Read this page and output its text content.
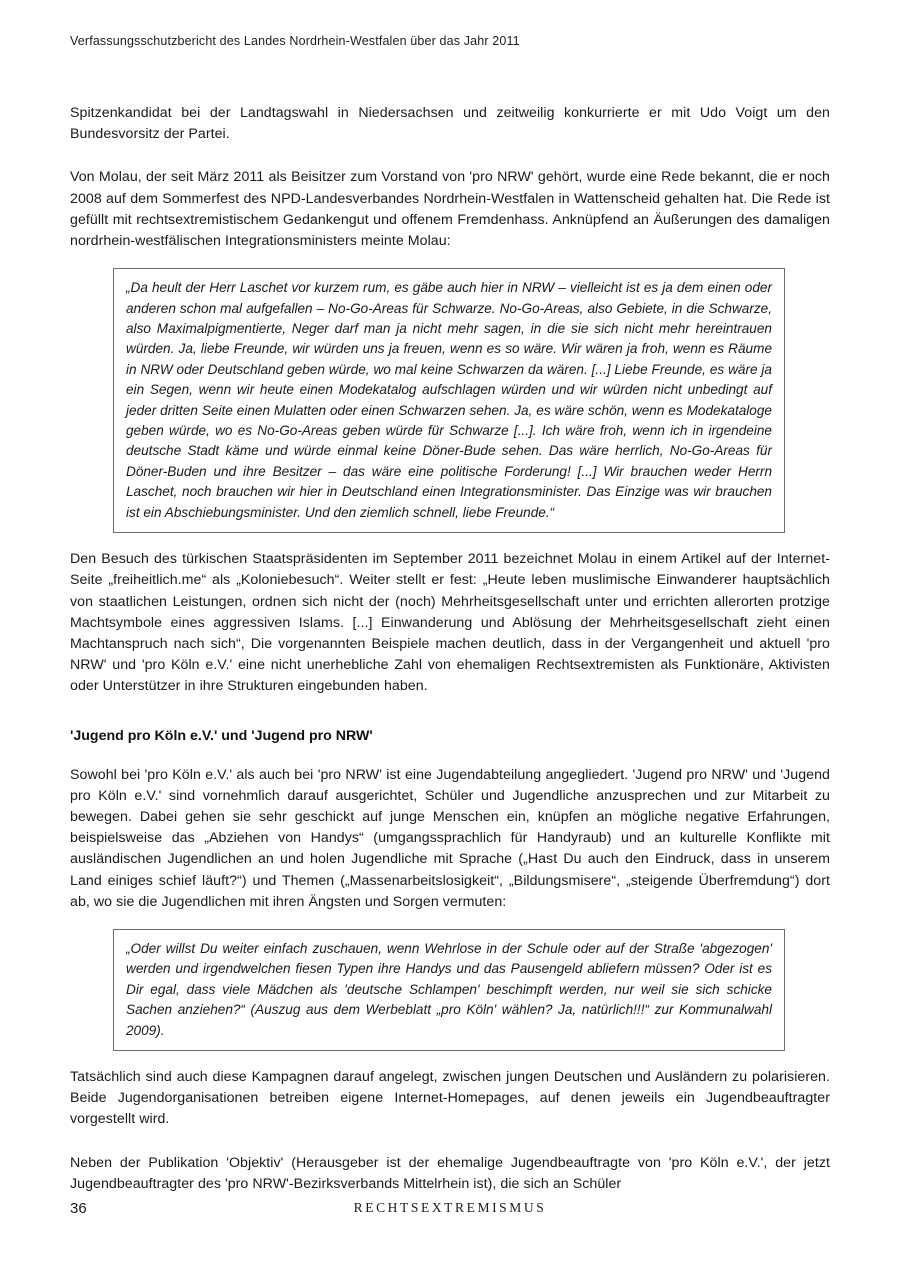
Verfassungsschutzbericht des Landes Nordrhein-Westfalen über das Jahr 2011

Spitzenkandidat bei der Landtagswahl in Niedersachsen und zeitweilig konkurrierte er mit Udo Voigt um den Bundesvorsitz der Partei.

Von Molau, der seit März 2011 als Beisitzer zum Vorstand von 'pro NRW' gehört, wurde eine Rede bekannt, die er noch 2008 auf dem Sommerfest des NPD-Landesverbandes Nordrhein-Westfalen in Wattenscheid gehalten hat. Die Rede ist gefüllt mit rechtsextremistischem Gedankengut und offenem Fremdenhass. Anknüpfend an Äußerungen des damaligen nordrhein-westfälischen Integrationsministers meinte Molau:

„Da heult der Herr Laschet vor kurzem rum, es gäbe auch hier in NRW – vielleicht ist es ja dem einen oder anderen schon mal aufgefallen – No-Go-Areas für Schwarze. No-Go-Areas, also Gebiete, in die Schwarze, also Maximalpigmentierte, Neger darf man ja nicht mehr sagen, in die sie sich nicht mehr hereintrauen würden. Ja, liebe Freunde, wir würden uns ja freuen, wenn es so wäre. Wir wären ja froh, wenn es Räume in NRW oder Deutschland geben würde, wo mal keine Schwarzen da wären. [...] Liebe Freunde, es wäre ja ein Segen, wenn wir heute einen Modekatalog aufschlagen würden und wir würden nicht unbedingt auf jeder dritten Seite einen Mulatten oder einen Schwarzen sehen. Ja, es wäre schön, wenn es Modekataloge geben würde, wo es No-Go-Areas geben würde für Schwarze [...]. Ich wäre froh, wenn ich in irgendeine deutsche Stadt käme und würde einmal keine Döner-Bude sehen. Das wäre herrlich, No-Go-Areas für Döner-Buden und ihre Besitzer – das wäre eine politische Forderung! [...] Wir brauchen weder Herrn Laschet, noch brauchen wir hier in Deutschland einen Integrationsminister. Das Einzige was wir brauchen ist ein Abschiebungsminister. Und den ziemlich schnell, liebe Freunde.“

Den Besuch des türkischen Staatspräsidenten im September 2011 bezeichnet Molau in einem Artikel auf der Internet-Seite „freiheitlich.me“ als „Koloniebesuch“. Weiter stellt er fest: „Heute leben muslimische Einwanderer hauptsächlich von staatlichen Leistungen, ordnen sich nicht der (noch) Mehrheitsgesellschaft unter und errichten allerorten protzige Machtsymbole eines aggressiven Islams. [...] Einwanderung und Ablösung der Mehrheitsgesellschaft zieht einen Machtanspruch nach sich“, Die vorgenannten Beispiele machen deutlich, dass in der Vergangenheit und aktuell 'pro NRW' und 'pro Köln e.V.' eine nicht unerhebliche Zahl von ehemaligen Rechtsextremisten als Funktionäre, Aktivisten oder Unterstützer in ihre Strukturen eingebunden haben.

'Jugend pro Köln e.V.' und 'Jugend pro NRW'

Sowohl bei 'pro Köln e.V.' als auch bei 'pro NRW' ist eine Jugendabteilung angegliedert. 'Jugend pro NRW' und 'Jugend pro Köln e.V.' sind vornehmlich darauf ausgerichtet, Schüler und Jugendliche anzusprechen und zur Mitarbeit zu bewegen. Dabei gehen sie sehr geschickt auf junge Menschen ein, knüpfen an mögliche negative Erfahrungen, beispielsweise das „Abziehen von Handys“ (umgangssprachlich für Handyraub) und an kulturelle Konflikte mit ausländischen Jugendlichen an und holen Jugendliche mit Sprache („Hast Du auch den Eindruck, dass in unserem Land einiges schief läuft?“) und Themen („Massenarbeitslosigkeit“, „Bildungsmisere“, „steigende Überfremdung“) dort ab, wo sie die Jugendlichen mit ihren Ängsten und Sorgen vermuten:

„Oder willst Du weiter einfach zuschauen, wenn Wehrlose in der Schule oder auf der Straße 'abgezogen' werden und irgendwelchen fiesen Typen ihre Handys und das Pausengeld abliefern müssen? Oder ist es Dir egal, dass viele Mädchen als 'deutsche Schlampen' beschimpft werden, nur weil sie sich schicke Sachen anziehen?“ (Auszug aus dem Werbeblatt „pro Köln' wählen? Ja, natürlich!!!“ zur Kommunalwahl 2009).

Tatsächlich sind auch diese Kampagnen darauf angelegt, zwischen jungen Deutschen und Ausländern zu polarisieren. Beide Jugendorganisationen betreiben eigene Internet-Homepages, auf denen jeweils ein Jugendbeauftragter vorgestellt wird.

Neben der Publikation 'Objektiv' (Herausgeber ist der ehemalige Jugendbeauftragte von 'pro Köln e.V.', der jetzt Jugendbeauftragter des 'pro NRW'-Bezirksverbands Mittelrhein ist), die sich an Schüler

36	RECHTSEXTREMISMUS
